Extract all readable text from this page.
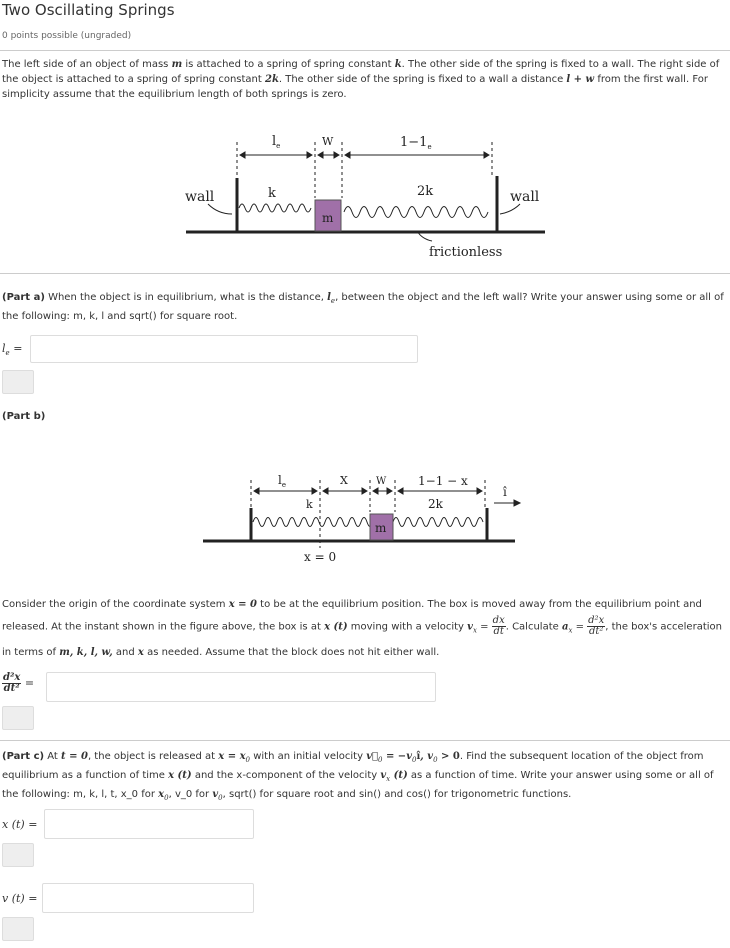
Two Oscillating Springs
0 points possible (ungraded)
The left side of an object of mass m is attached to a spring of spring constant k. The other side of the spring is fixed to a wall. The right side of the object is attached to a spring of spring constant 2k. The other side of the spring is fixed to a wall a distance l + w from the first wall. For simplicity assume that the equilibrium length of both springs is zero.
$l_e$	W	$1-1_e$
wall	wall
k	2k
m
frictionless
(Part a) When the object is in equilibrium, what is the distance, $l_e$, between the object and the left wall? Write your answer using some or all of the following: m, k, l and sqrt() for square root.
$l_e$ =
(Part b)
$l_e$	X	W	1−1 − x
k	2k
m
î
x = 0
Consider the origin of the coordinate system x = 0 to be at the equilibrium position. The box is moved away from the equilibrium point and released. At the instant shown in the figure above, the box is at x (t) moving with a velocity $v_x = \frac{dx}{dt}$ . Calculate $a_x = \frac{\text{d²x}}{\text{dt²}}$ , the box's acceleration in terms of m, k, l, w, and x as needed. Assume that the block does not hit either wall.
$\frac{\text{d²x}}{\text{dt²}}$ =
(Part c) At t = 0, the object is released at $x = x_0$ with an initial velocity $v⃗_0$ = $-v_0î$, $v_0 > 0$. Find the subsequent location of the object from equilibrium as a function of time x (t) and the x-component of the velocity $v_x$ (t) as a function of time. Write your answer using some or all of the following: m, k, l, t, x_0 for $x_0$, v_0 for $v_0$, sqrt() for square root and sin() and cos() for trigonometric functions.
x (t) =
v (t) =
